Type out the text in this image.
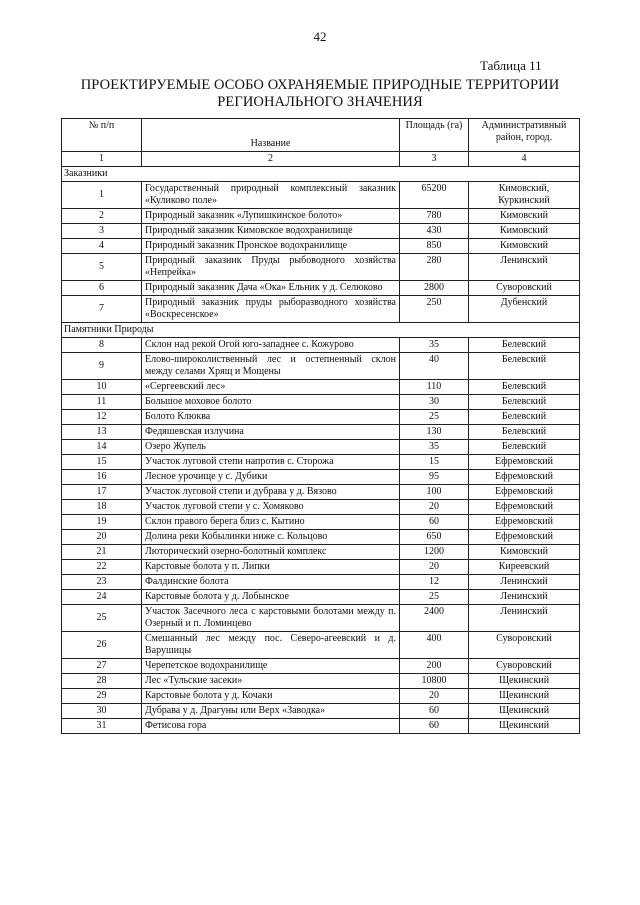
42
Таблица 11
ПРОЕКТИРУЕМЫЕ ОСОБО ОХРАНЯЕМЫЕ ПРИРОДНЫЕ ТЕРРИТОРИИ
РЕГИОНАЛЬНОГО ЗНАЧЕНИЯ
№ п/п	Название	Площадь (га)	Административный район, город.
1	2	3	4
Заказники			
1	Государственный природный комплексный заказник «Куликово поле»	65200	Кимовский, Куркинский
2	Природный заказник «Лупишкинское болото»	780	Кимовский
3	Природный заказник Кимовское водохранилище	430	Кимовский
4	Природный заказник Пронское водохранилище	850	Кимовский
5	Природный заказник Пруды рыбоводного хозяйства «Непрейка»	280	Ленинский
6	Природный заказник Дача «Ока» Ельник у д. Селюково	2800	Суворовский
7	Природный заказник пруды рыборазводного хозяйства «Воскресенское»	250	Дубенский
Памятники Природы			
8	Склон над рекой Огой юго-западнее с. Кожурово	35	Белевский
9	Елово-широколиственный лес и остепненный склон между селами Хрящ и Мощены	40	Белевский
10	«Сергеевский лес»	110	Белевский
11	Большое моховое болото	30	Белевский
12	Болото Клюква	25	Белевский
13	Федяшевская излучина	130	Белевский
14	Озеро Жупель	35	Белевский
15	Участок луговой степи напротив с. Сторожа	15	Ефремовский
16	Лесное урочище у с. Дубики	95	Ефремовский
17	Участок луговой степи и дубрава у д. Вязово	100	Ефремовский
18	Участок луговой степи у с. Хомяково	20	Ефремовский
19	Склон правого берега близ с. Кытино	60	Ефремовский
20	Долина реки Кобылинки ниже с. Кольцово	650	Ефремовский
21	Люторический озерно-болотный комплекс	1200	Кимовский
22	Карстовые болота у п. Липки	20	Киреевский
23	Фалдинские болота	12	Ленинский
24	Карстовые болота у д. Лобынское	25	Ленинский
25	Участок Засечного леса с карстовыми болотами между п. Озерный и п. Ломинцево	2400	Ленинский
26	Смешанный лес между пос. Северо-агеевский и д. Варушицы	400	Суворовский
27	Черепетское водохранилище	200	Суворовский
28	Лес «Тульские засеки»	10800	Щекинский
29	Карстовые болота у д. Кочаки	20	Щекинский
30	Дубрава у д. Драгуны или Верх «Заводка»	60	Щекинский
31	Фетисова гора	60	Щекинский
